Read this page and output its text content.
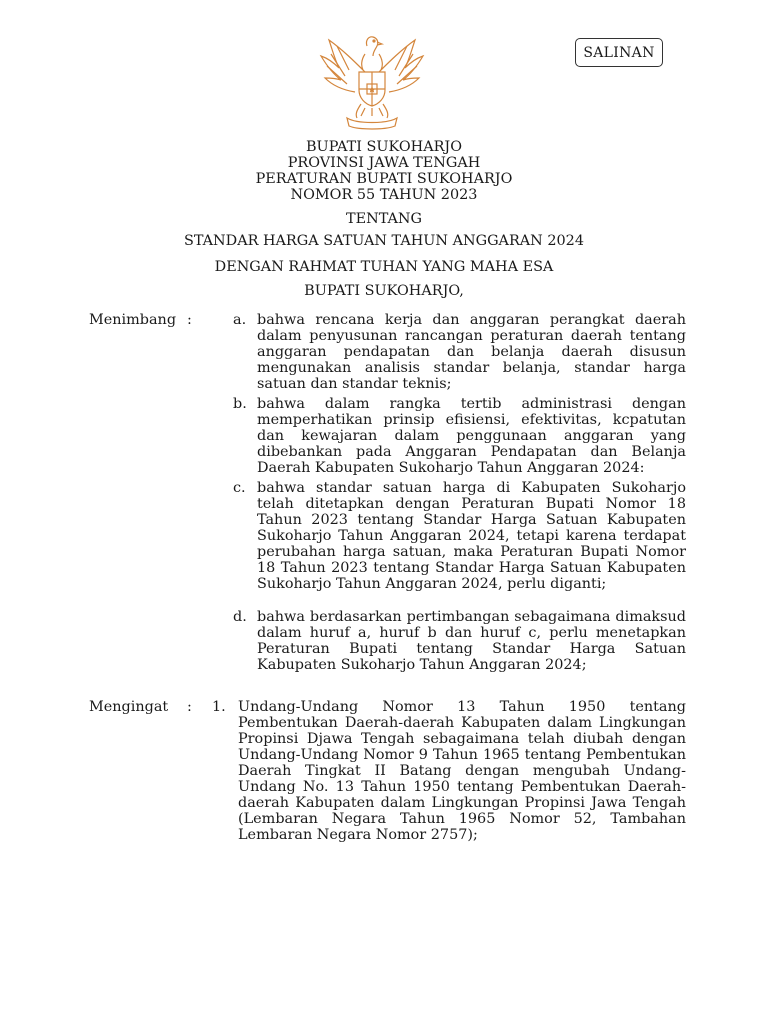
SALINAN
BUPATI SUKOHARJO
PROVINSI JAWA TENGAH
PERATURAN BUPATI SUKOHARJO
NOMOR 55 TAHUN 2023
TENTANG
STANDAR HARGA SATUAN TAHUN ANGGARAN 2024
DENGAN RAHMAT TUHAN YANG MAHA ESA
BUPATI SUKOHARJO,
Menimbang :	a. bahwa rencana kerja dan anggaran perangkat daerah dalam penyusunan rancangan peraturan daerah tentang anggaran pendapatan dan belanja daerah disusun mengunakan analisis standar belanja, standar harga satuan dan standar teknis;
b. bahwa dalam rangka tertib administrasi dengan memperhatikan prinsip efisiensi, efektivitas, kcpatutan dan kewajaran dalam penggunaan anggaran yang dibebankan pada Anggaran Pendapatan dan Belanja Daerah Kabupaten Sukoharjo Tahun Anggaran 2024:
c. bahwa standar satuan harga di Kabupaten Sukoharjo telah ditetapkan dengan Peraturan Bupati Nomor 18 Tahun 2023 tentang Standar Harga Satuan Kabupaten Sukoharjo Tahun Anggaran 2024, tetapi karena terdapat perubahan harga satuan, maka Peraturan Bupati Nomor 18 Tahun 2023 tentang Standar Harga Satuan Kabupaten Sukoharjo Tahun Anggaran 2024, perlu diganti;
d. bahwa berdasarkan pertimbangan sebagaimana dimaksud dalam huruf a, huruf b dan huruf c, perlu menetapkan Peraturan Bupati tentang Standar Harga Satuan Kabupaten Sukoharjo Tahun Anggaran 2024;
Mengingat : 1. Undang-Undang Nomor 13 Tahun 1950 tentang Pembentukan Daerah-daerah Kabupaten dalam Lingkungan Propinsi Djawa Tengah sebagaimana telah diubah dengan Undang-Undang Nomor 9 Tahun 1965 tentang Pembentukan Daerah Tingkat II Batang dengan mengubah Undang-Undang No. 13 Tahun 1950 tentang Pembentukan Daerah-daerah Kabupaten dalam Lingkungan Propinsi Jawa Tengah (Lembaran Negara Tahun 1965 Nomor 52, Tambahan Lembaran Negara Nomor 2757);
